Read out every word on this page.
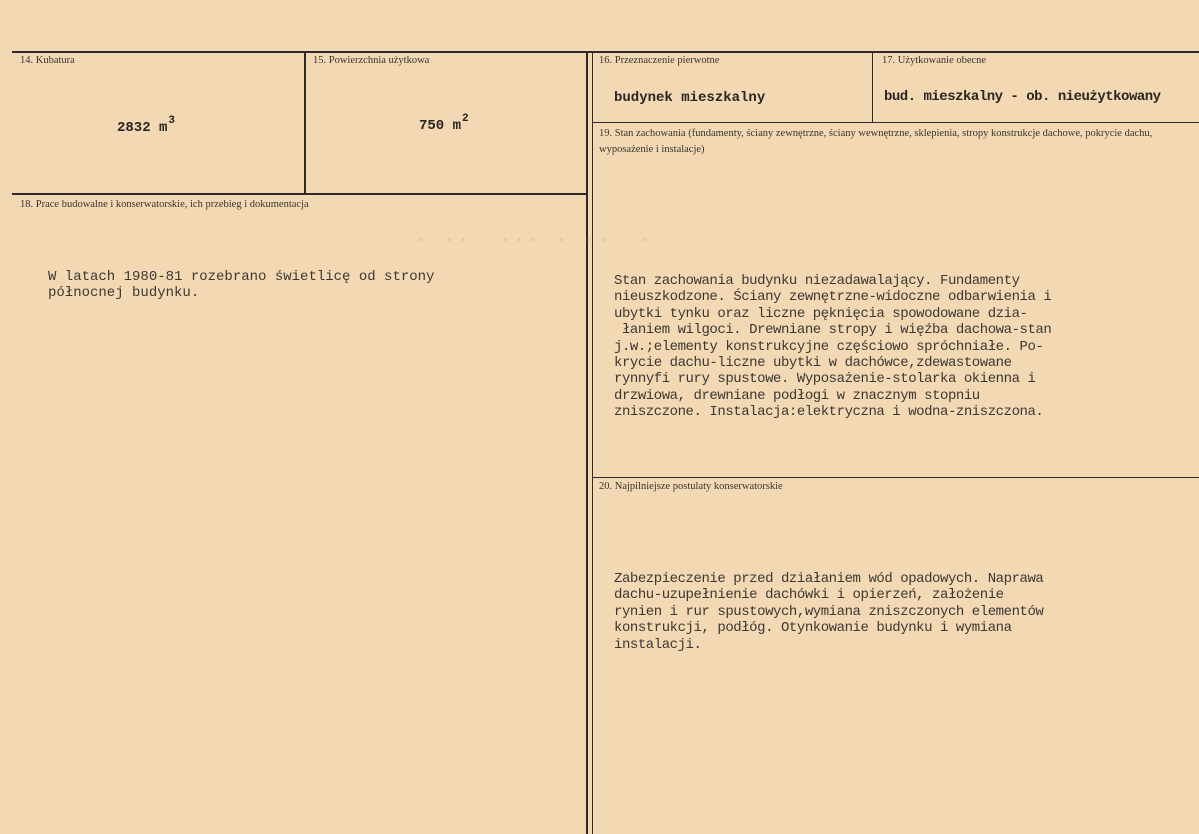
14. Kubatura
2832 $m^3$
15. Powierzchnia użytkowa
750 $m^2$
16. Przeznaczenie pierwotne
budynek mieszkalny
17. Użytkowanie obecne
bud. mieszkalny - ob. nieużytkowany
18. Prace budowalne i konserwatorskie, ich przebieg i dokumentacja
W latach 1980-81 rozebrano świetlicę od strony
północnej budynku.
19. Stan zachowania (fundamenty, ściany zewnętrzne, ściany wewnętrzne, sklepienia, stropy konstrukcje dachowe, pokrycie dachu, wyposażenie i instalacje)
▪ ▫ ▪ ▪ ▫ ▫ ▪ ▪ ▪ ▫ ▪ ▫ ▪ ▪ ▫ ▫ ▪
Stan zachowania budynku niezadawalający. Fundamenty
nieuszkodzone. Ściany zewnętrzne-widoczne odbarwienia i
ubytki tynku oraz liczne pęknięcia spowodowane dzia-
łaniem wilgoci. Drewniane stropy i więźba dachowa-stan
j.w.;elementy konstrukcyjne częściowo spróchniałe. Po-
krycie dachu-liczne ubytki w dachówce,zdewastowane
rynnyfi rury spustowe. Wyposażenie-stolarka okienna i
drzwiowa, drewniane podłogi w znacznym stopniu
zniszczone. Instalacja:elektryczna i wodna-zniszczona.
20. Najpilniejsze postulaty konserwatorskie
Zabezpieczenie przed działaniem wód opadowych. Naprawa
dachu-uzupełnienie dachówki i opierzeń, założenie
rynien i rur spustowych,wymiana zniszczonych elementów
konstrukcji, podłóg. Otynkowanie budynku i wymiana
instalacji.
